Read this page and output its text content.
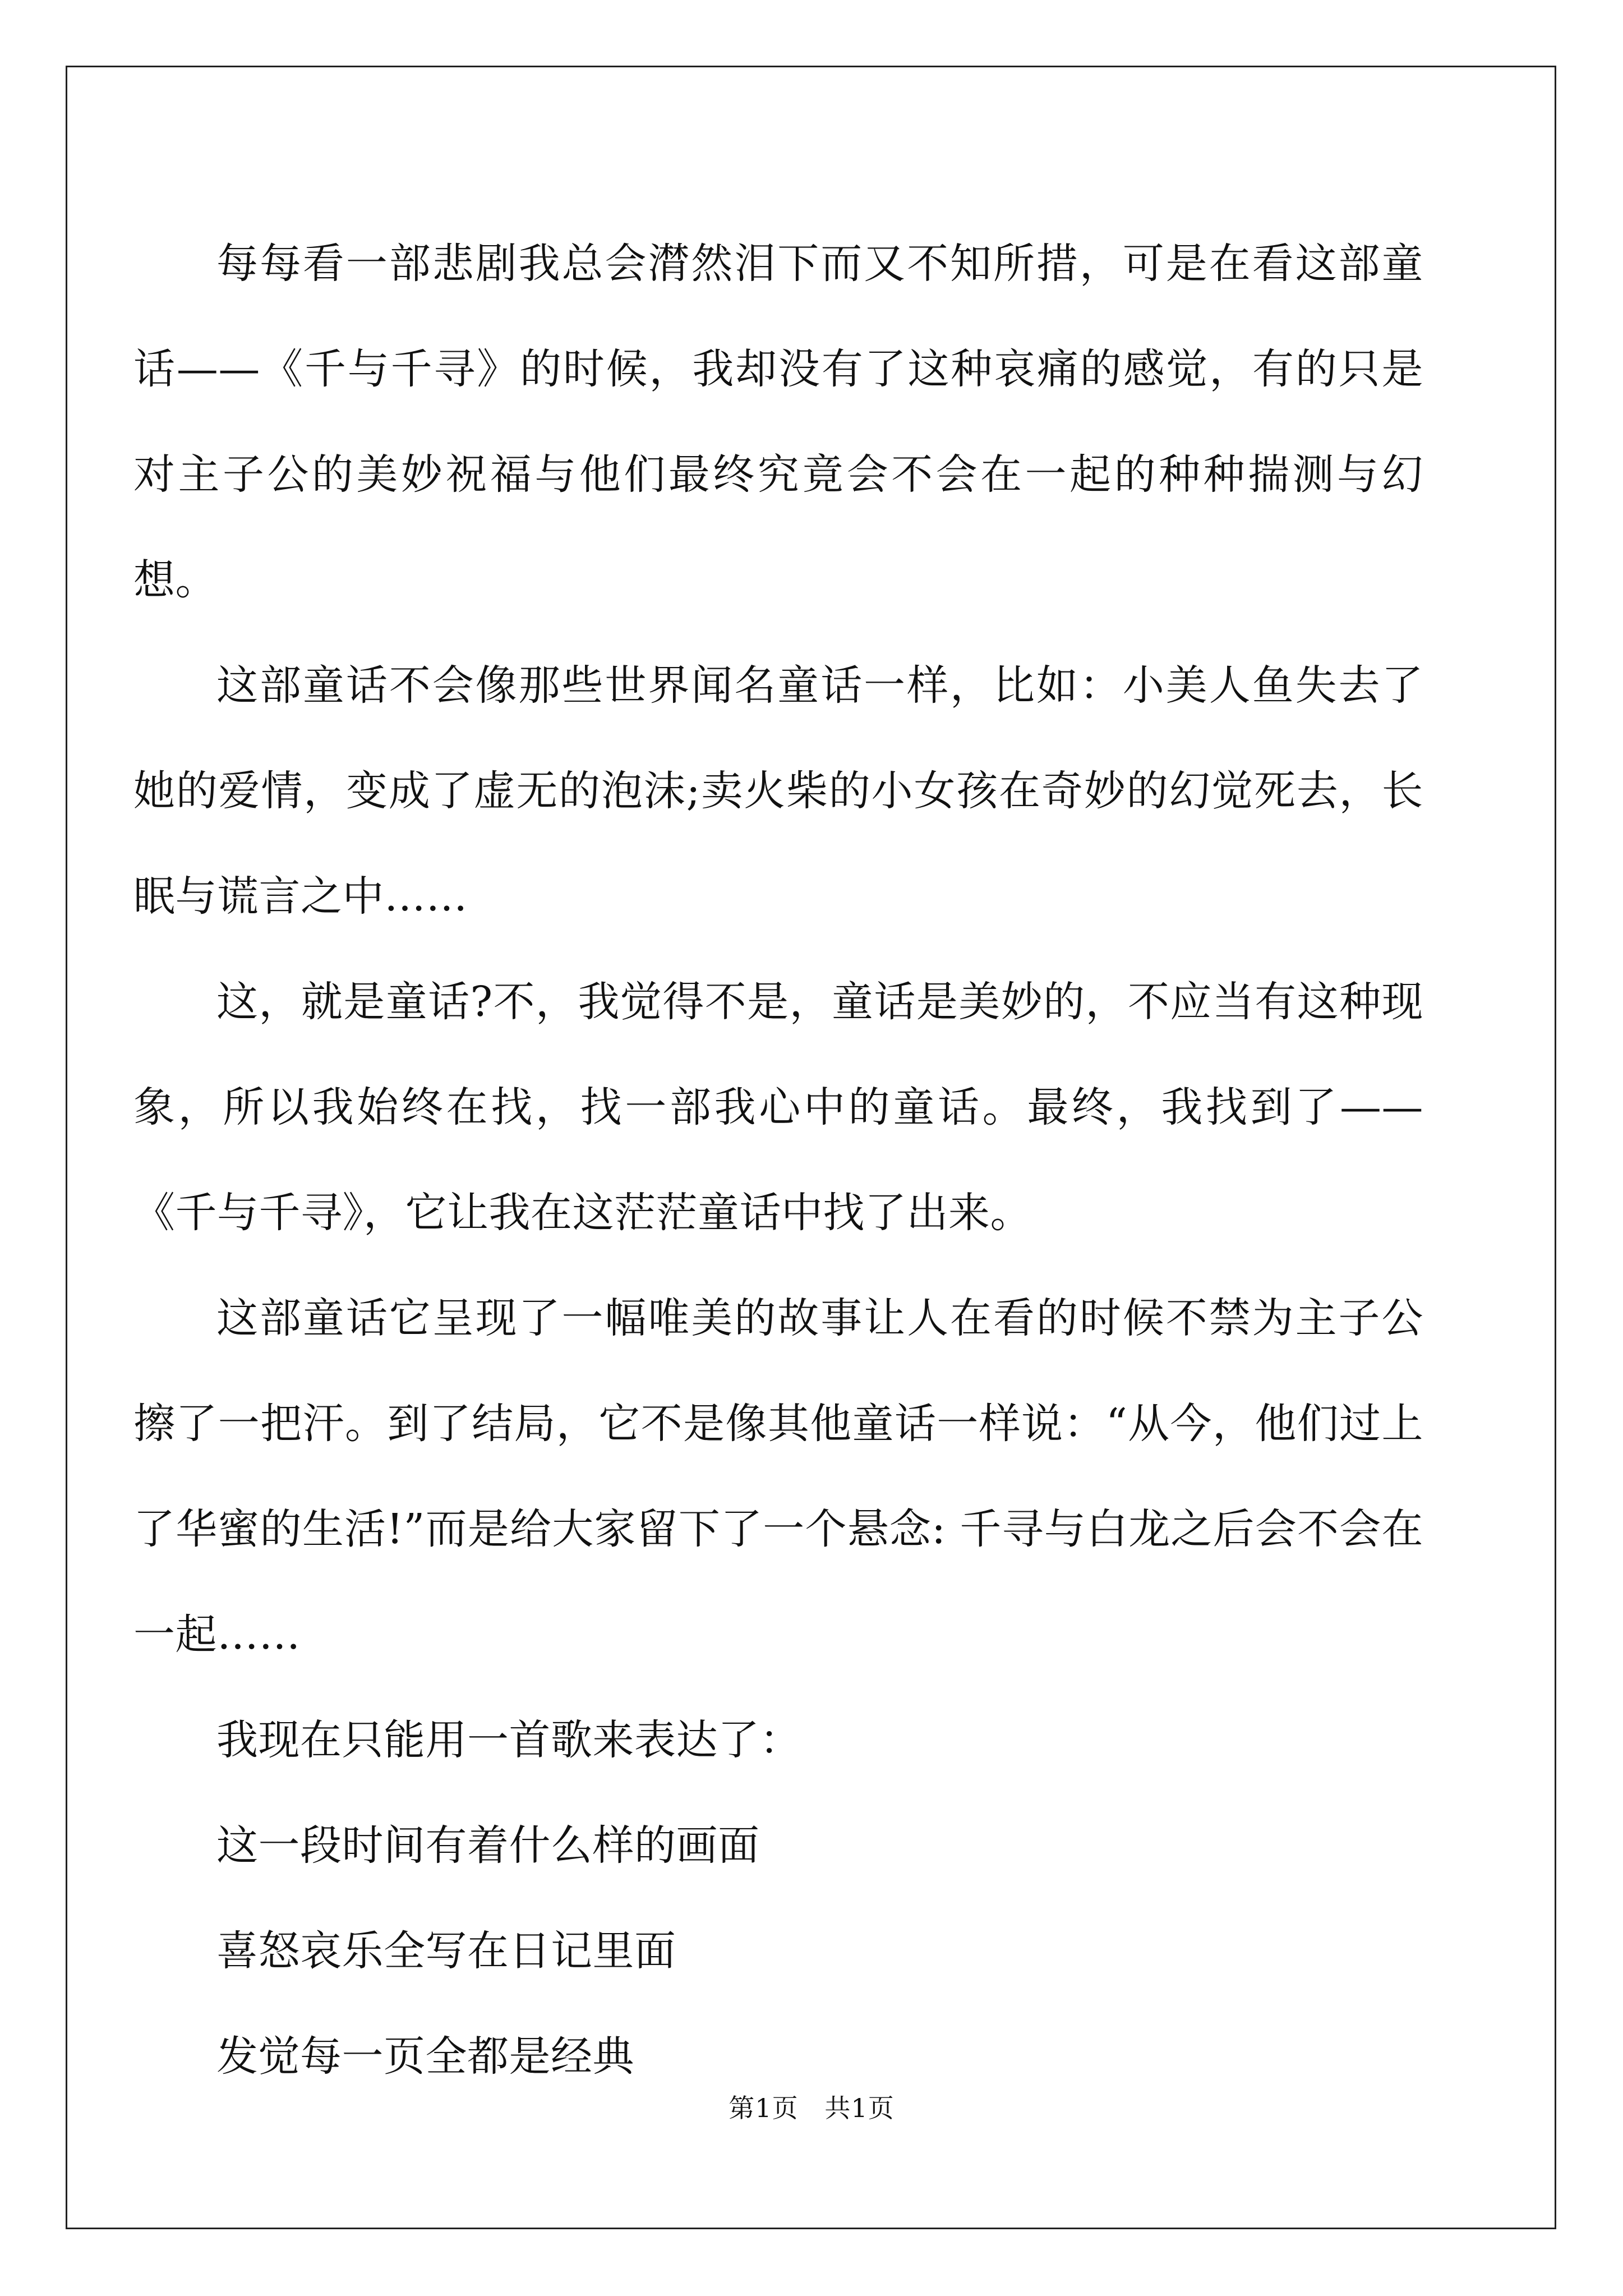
每每看一部悲剧我总会潸然泪下而又不知所措，可是在看这部童话——《千与千寻》的时候，我却没有了这种哀痛的感觉，有的只是对主子公的美妙祝福与他们最终究竟会不会在一起的种种揣测与幻想。

这部童话不会像那些世界闻名童话一样，比如：小美人鱼失去了她的爱情，变成了虚无的泡沫;卖火柴的小女孩在奇妙的幻觉死去，长眠与谎言之中……

这，就是童话?不，我觉得不是，童话是美妙的，不应当有这种现象，所以我始终在找，找一部我心中的童话。最终，我找到了——《千与千寻》，它让我在这茫茫童话中找了出来。

这部童话它呈现了一幅唯美的故事让人在看的时候不禁为主子公擦了一把汗。到了结局，它不是像其他童话一样说：“从今，他们过上了华蜜的生活!”而是给大家留下了一个悬念: 千寻与白龙之后会不会在一起……

我现在只能用一首歌来表达了：

这一段时间有着什么样的画面

喜怒哀乐全写在日记里面

发觉每一页全都是经典

第1页   共1页
